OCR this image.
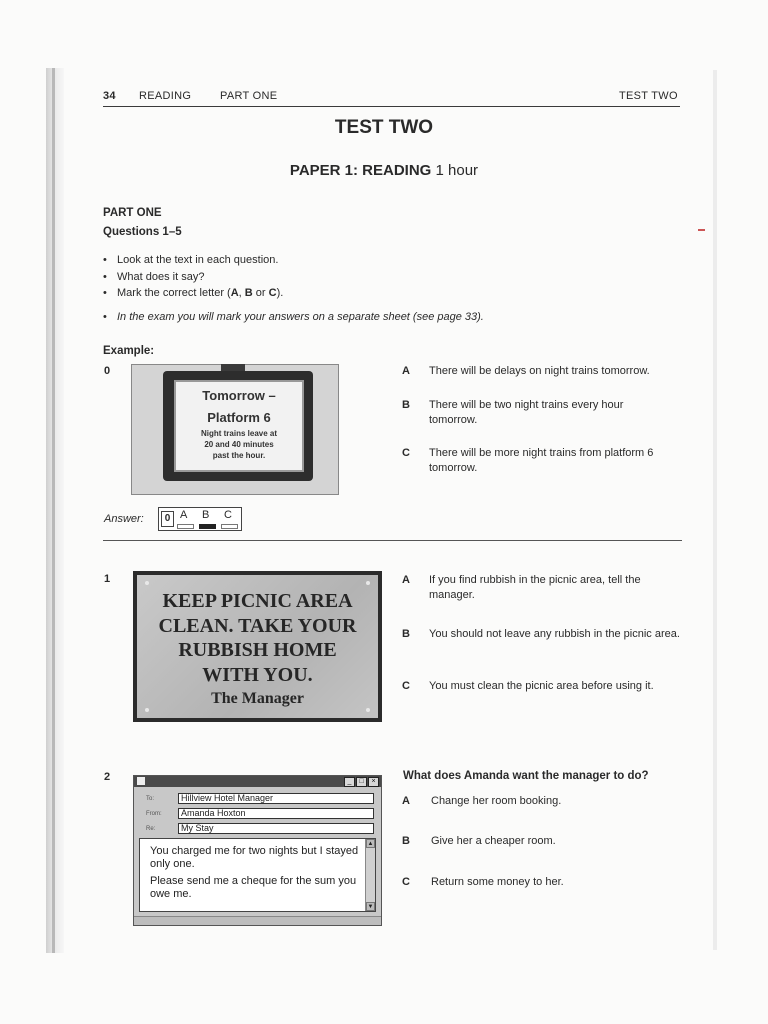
34 READING	PART ONE	TEST TWO
TEST TWO
PAPER 1: READING 1 hour
PART ONE
Questions 1–5
• Look at the text in each question.
• What does it say?
• Mark the correct letter (A, B or C).
• In the exam you will mark your answers on a separate sheet (see page 33).
Example:
0
Tomorrow –
Platform 6
Night trains leave at
20 and 40 minutes
past the hour.
A	There will be delays on night trains tomorrow.
B	There will be two night trains every hour tomorrow.
C	There will be more night trains from platform 6 tomorrow.
Answer:	0 A B C
1
KEEP PICNIC AREA
CLEAN. TAKE YOUR
RUBBISH HOME
WITH YOU.
The Manager
A	If you find rubbish in the picnic area, tell the manager.
B	You should not leave any rubbish in the picnic area.
C	You must clean the picnic area before using it.
2	_	□	×
To:	Hillview Hotel Manager
From:	Amanda Hoxton
Re:	My Stay

You charged me for two nights but I stayed only one.

Please send me a cheque for the sum you owe me.

▲
▼
What does Amanda want the manager to do?
A	Change her room booking.
B	Give her a cheaper room.
C	Return some money to her.
